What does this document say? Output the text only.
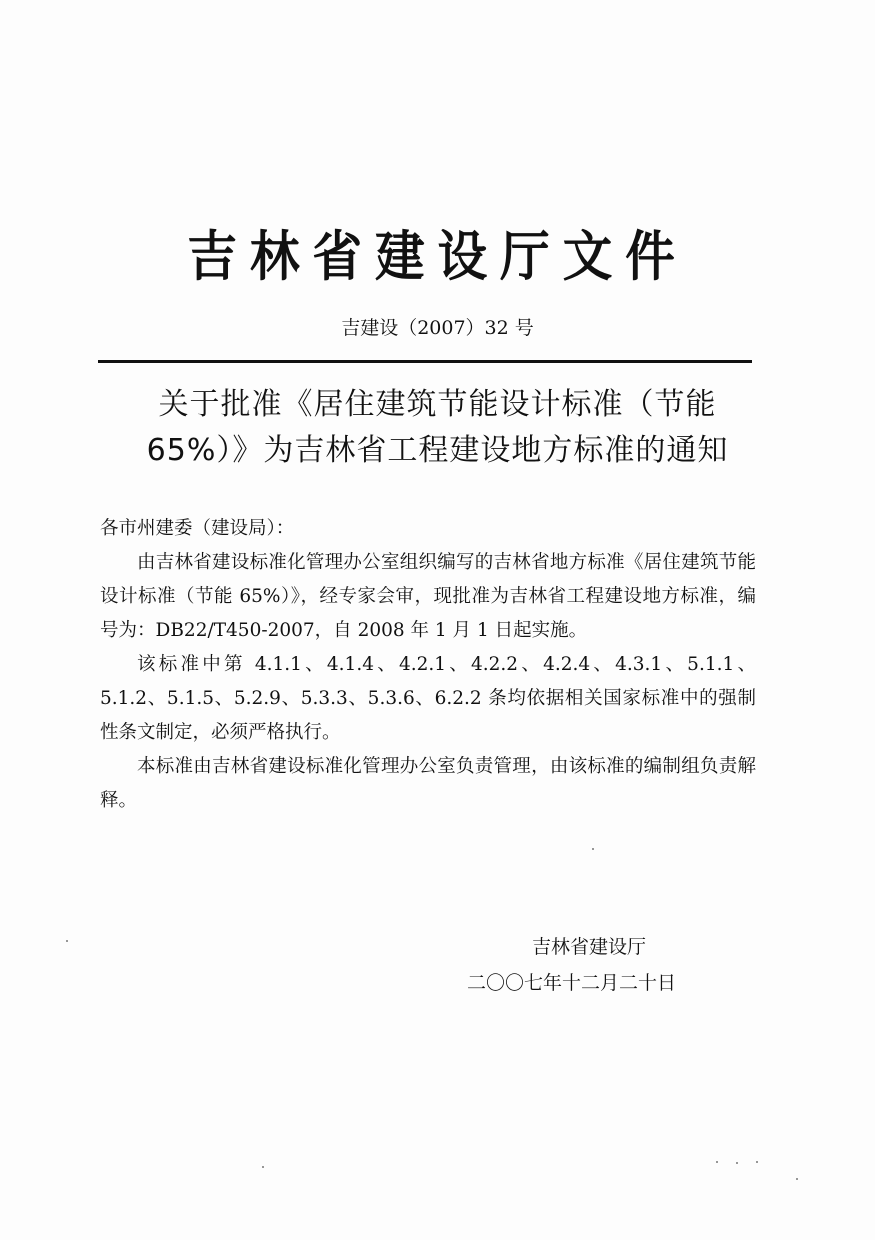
吉林省建设厅文件
吉建设（2007）32 号
关于批准《居住建筑节能设计标准（节能
65%）》为吉林省工程建设地方标准的通知

各市州建委（建设局）：

由吉林省建设标准化管理办公室组织编写的吉林省地方标准《居住建筑节能设计标准（节能 65%）》，经专家会审，现批准为吉林省工程建设地方标准，编号为：DB22/T450-2007，自 2008 年 1 月 1 日起实施。

该标准中第 4.1.1、4.1.4、4.2.1、4.2.2、4.2.4、4.3.1、5.1.1、5.1.2、5.1.5、5.2.9、5.3.3、5.3.6、6.2.2 条均依据相关国家标准中的强制性条文制定，必须严格执行。

本标准由吉林省建设标准化管理办公室负责管理，由该标准的编制组负责解释。

吉林省建设厅
二〇〇七年十二月二十日
